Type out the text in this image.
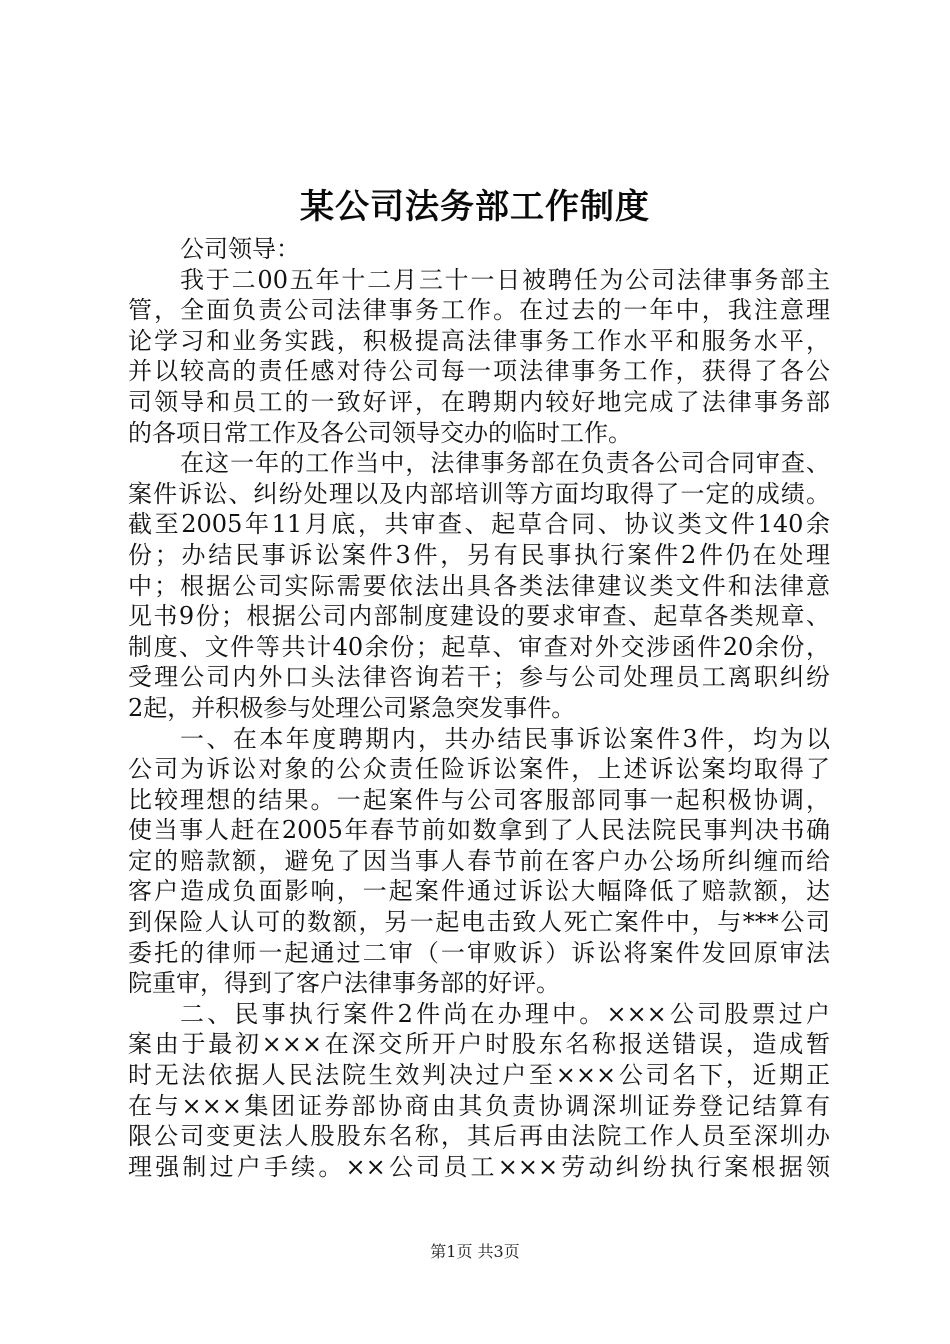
某公司法务部工作制度
公司领导：
我于二00五年十二月三十一日被聘任为公司法律事务部主
管，全面负责公司法律事务工作。在过去的一年中，我注意理
论学习和业务实践，积极提高法律事务工作水平和服务水平，
并以较高的责任感对待公司每一项法律事务工作，获得了各公
司领导和员工的一致好评，在聘期内较好地完成了法律事务部
的各项日常工作及各公司领导交办的临时工作。
在这一年的工作当中，法律事务部在负责各公司合同审查、
案件诉讼、纠纷处理以及内部培训等方面均取得了一定的成绩。
截至2005年11月底，共审查、起草合同、协议类文件140余
份；办结民事诉讼案件3件，另有民事执行案件2件仍在处理
中；根据公司实际需要依法出具各类法律建议类文件和法律意
见书9份；根据公司内部制度建设的要求审查、起草各类规章、
制度、文件等共计40余份；起草、审查对外交涉函件20余份，
受理公司内外口头法律咨询若干；参与公司处理员工离职纠纷
2起，并积极参与处理公司紧急突发事件。
一、在本年度聘期内，共办结民事诉讼案件3件，均为以
公司为诉讼对象的公众责任险诉讼案件，上述诉讼案均取得了
比较理想的结果。一起案件与公司客服部同事一起积极协调，
使当事人赶在2005年春节前如数拿到了人民法院民事判决书确
定的赔款额，避免了因当事人春节前在客户办公场所纠缠而给
客户造成负面影响，一起案件通过诉讼大幅降低了赔款额，达
到保险人认可的数额，另一起电击致人死亡案件中，与***公司
委托的律师一起通过二审（一审败诉）诉讼将案件发回原审法
院重审，得到了客户法律事务部的好评。
二、民事执行案件2件尚在办理中。×××公司股票过户
案由于最初×××在深交所开户时股东名称报送错误，造成暂
时无法依据人民法院生效判决过户至×××公司名下，近期正
在与×××集团证券部协商由其负责协调深圳证券登记结算有
限公司变更法人股股东名称，其后再由法院工作人员至深圳办
理强制过户手续。××公司员工×××劳动纠纷执行案根据领
第1页 共3页
